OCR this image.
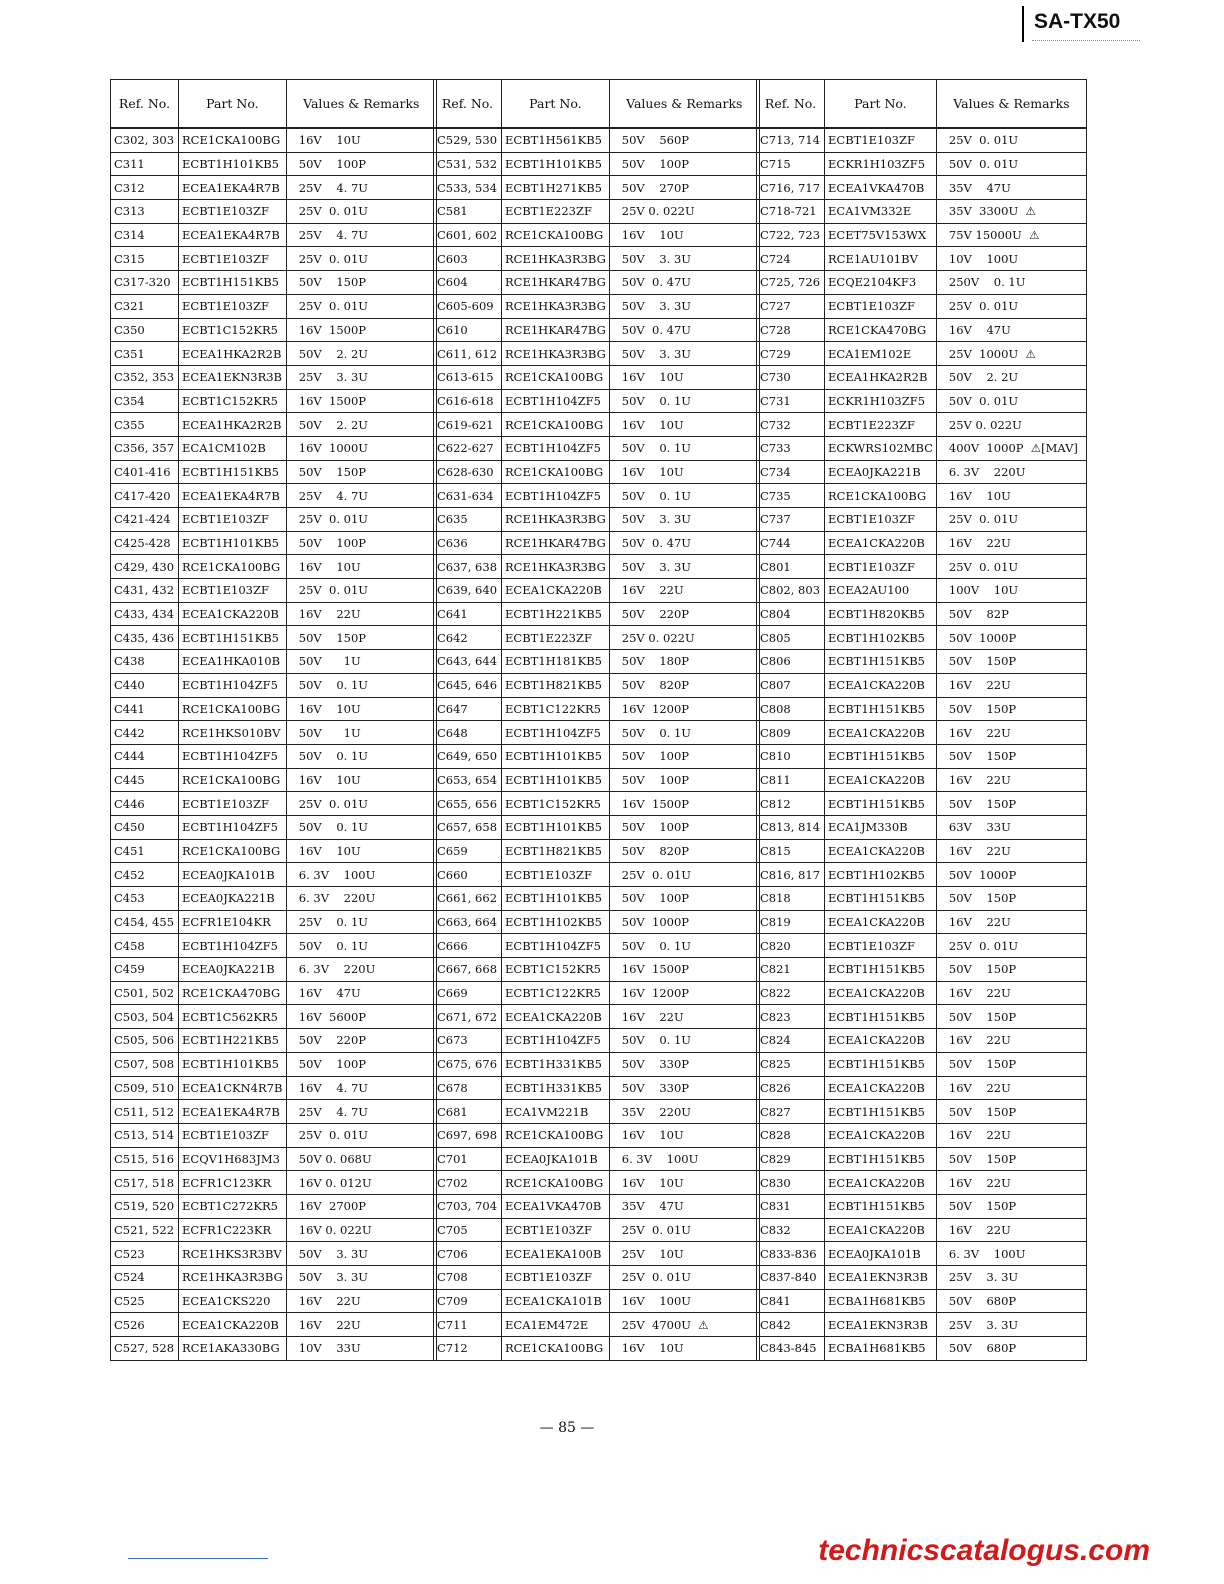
SA-TX50
Ref. No.	Part No.	Values & Remarks
C302, 303	RCE1CKA100BG	16V    10U
C311	ECBT1H101KB5	50V    100P
C312	ECEA1EKA4R7B	25V    4. 7U
C313	ECBT1E103ZF	25V  0. 01U
C314	ECEA1EKA4R7B	25V    4. 7U
C315	ECBT1E103ZF	25V  0. 01U
C317-320	ECBT1H151KB5	50V    150P
C321	ECBT1E103ZF	25V  0. 01U
C350	ECBT1C152KR5	16V  1500P
C351	ECEA1HKA2R2B	50V    2. 2U
C352, 353	ECEA1EKN3R3B	25V    3. 3U
C354	ECBT1C152KR5	16V  1500P
C355	ECEA1HKA2R2B	50V    2. 2U
C356, 357	ECA1CM102B	16V  1000U
C401-416	ECBT1H151KB5	50V    150P
C417-420	ECEA1EKA4R7B	25V    4. 7U
C421-424	ECBT1E103ZF	25V  0. 01U
C425-428	ECBT1H101KB5	50V    100P
C429, 430	RCE1CKA100BG	16V    10U
C431, 432	ECBT1E103ZF	25V  0. 01U
C433, 434	ECEA1CKA220B	16V    22U
C435, 436	ECBT1H151KB5	50V    150P
C438	ECEA1HKA010B	50V      1U
C440	ECBT1H104ZF5	50V    0. 1U
C441	RCE1CKA100BG	16V    10U
C442	RCE1HKS010BV	50V      1U
C444	ECBT1H104ZF5	50V    0. 1U
C445	RCE1CKA100BG	16V    10U
C446	ECBT1E103ZF	25V  0. 01U
C450	ECBT1H104ZF5	50V    0. 1U
C451	RCE1CKA100BG	16V    10U
C452	ECEA0JKA101B	6. 3V    100U
C453	ECEA0JKA221B	6. 3V    220U
C454, 455	ECFR1E104KR	25V    0. 1U
C458	ECBT1H104ZF5	50V    0. 1U
C459	ECEA0JKA221B	6. 3V    220U
C501, 502	RCE1CKA470BG	16V    47U
C503, 504	ECBT1C562KR5	16V  5600P
C505, 506	ECBT1H221KB5	50V    220P
C507, 508	ECBT1H101KB5	50V    100P
C509, 510	ECEA1CKN4R7B	16V    4. 7U
C511, 512	ECEA1EKA4R7B	25V    4. 7U
C513, 514	ECBT1E103ZF	25V  0. 01U
C515, 516	ECQV1H683JM3	50V 0. 068U
C517, 518	ECFR1C123KR	16V 0. 012U
C519, 520	ECBT1C272KR5	16V  2700P
C521, 522	ECFR1C223KR	16V 0. 022U
C523	RCE1HKS3R3BV	50V    3. 3U
C524	RCE1HKA3R3BG	50V    3. 3U
C525	ECEA1CKS220	16V    22U
C526	ECEA1CKA220B	16V    22U
C527, 528	RCE1AKA330BG	10V    33U
Ref. No.	Part No.	Values & Remarks
C529, 530	ECBT1H561KB5	50V    560P
C531, 532	ECBT1H101KB5	50V    100P
C533, 534	ECBT1H271KB5	50V    270P
C581	ECBT1E223ZF	25V 0. 022U
C601, 602	RCE1CKA100BG	16V    10U
C603	RCE1HKA3R3BG	50V    3. 3U
C604	RCE1HKAR47BG	50V  0. 47U
C605-609	RCE1HKA3R3BG	50V    3. 3U
C610	RCE1HKAR47BG	50V  0. 47U
C611, 612	RCE1HKA3R3BG	50V    3. 3U
C613-615	RCE1CKA100BG	16V    10U
C616-618	ECBT1H104ZF5	50V    0. 1U
C619-621	RCE1CKA100BG	16V    10U
C622-627	ECBT1H104ZF5	50V    0. 1U
C628-630	RCE1CKA100BG	16V    10U
C631-634	ECBT1H104ZF5	50V    0. 1U
C635	RCE1HKA3R3BG	50V    3. 3U
C636	RCE1HKAR47BG	50V  0. 47U
C637, 638	RCE1HKA3R3BG	50V    3. 3U
C639, 640	ECEA1CKA220B	16V    22U
C641	ECBT1H221KB5	50V    220P
C642	ECBT1E223ZF	25V 0. 022U
C643, 644	ECBT1H181KB5	50V    180P
C645, 646	ECBT1H821KB5	50V    820P
C647	ECBT1C122KR5	16V  1200P
C648	ECBT1H104ZF5	50V    0. 1U
C649, 650	ECBT1H101KB5	50V    100P
C653, 654	ECBT1H101KB5	50V    100P
C655, 656	ECBT1C152KR5	16V  1500P
C657, 658	ECBT1H101KB5	50V    100P
C659	ECBT1H821KB5	50V    820P
C660	ECBT1E103ZF	25V  0. 01U
C661, 662	ECBT1H101KB5	50V    100P
C663, 664	ECBT1H102KB5	50V  1000P
C666	ECBT1H104ZF5	50V    0. 1U
C667, 668	ECBT1C152KR5	16V  1500P
C669	ECBT1C122KR5	16V  1200P
C671, 672	ECEA1CKA220B	16V    22U
C673	ECBT1H104ZF5	50V    0. 1U
C675, 676	ECBT1H331KB5	50V    330P
C678	ECBT1H331KB5	50V    330P
C681	ECA1VM221B	35V    220U
C697, 698	RCE1CKA100BG	16V    10U
C701	ECEA0JKA101B	6. 3V    100U
C702	RCE1CKA100BG	16V    10U
C703, 704	ECEA1VKA470B	35V    47U
C705	ECBT1E103ZF	25V  0. 01U
C706	ECEA1EKA100B	25V    10U
C708	ECBT1E103ZF	25V  0. 01U
C709	ECEA1CKA101B	16V    100U
C711	ECA1EM472E	25V  4700U  ⚠
C712	RCE1CKA100BG	16V    10U
Ref. No.	Part No.	Values & Remarks
C713, 714	ECBT1E103ZF	25V  0. 01U
C715	ECKR1H103ZF5	50V  0. 01U
C716, 717	ECEA1VKA470B	35V    47U
C718-721	ECA1VM332E	35V  3300U  ⚠
C722, 723	ECET75V153WX	75V 15000U  ⚠
C724	RCE1AU101BV	10V    100U
C725, 726	ECQE2104KF3	250V    0. 1U
C727	ECBT1E103ZF	25V  0. 01U
C728	RCE1CKA470BG	16V    47U
C729	ECA1EM102E	25V  1000U  ⚠
C730	ECEA1HKA2R2B	50V    2. 2U
C731	ECKR1H103ZF5	50V  0. 01U
C732	ECBT1E223ZF	25V 0. 022U
C733	ECKWRS102MBC	400V  1000P  ⚠[MAV]
C734	ECEA0JKA221B	6. 3V    220U
C735	RCE1CKA100BG	16V    10U
C737	ECBT1E103ZF	25V  0. 01U
C744	ECEA1CKA220B	16V    22U
C801	ECBT1E103ZF	25V  0. 01U
C802, 803	ECEA2AU100	100V    10U
C804	ECBT1H820KB5	50V    82P
C805	ECBT1H102KB5	50V  1000P
C806	ECBT1H151KB5	50V    150P
C807	ECEA1CKA220B	16V    22U
C808	ECBT1H151KB5	50V    150P
C809	ECEA1CKA220B	16V    22U
C810	ECBT1H151KB5	50V    150P
C811	ECEA1CKA220B	16V    22U
C812	ECBT1H151KB5	50V    150P
C813, 814	ECA1JM330B	63V    33U
C815	ECEA1CKA220B	16V    22U
C816, 817	ECBT1H102KB5	50V  1000P
C818	ECBT1H151KB5	50V    150P
C819	ECEA1CKA220B	16V    22U
C820	ECBT1E103ZF	25V  0. 01U
C821	ECBT1H151KB5	50V    150P
C822	ECEA1CKA220B	16V    22U
C823	ECBT1H151KB5	50V    150P
C824	ECEA1CKA220B	16V    22U
C825	ECBT1H151KB5	50V    150P
C826	ECEA1CKA220B	16V    22U
C827	ECBT1H151KB5	50V    150P
C828	ECEA1CKA220B	16V    22U
C829	ECBT1H151KB5	50V    150P
C830	ECEA1CKA220B	16V    22U
C831	ECBT1H151KB5	50V    150P
C832	ECEA1CKA220B	16V    22U
C833-836	ECEA0JKA101B	6. 3V    100U
C837-840	ECEA1EKN3R3B	25V    3. 3U
C841	ECBA1H681KB5	50V    680P
C842	ECEA1EKN3R3B	25V    3. 3U
C843-845	ECBA1H681KB5	50V    680P
— 85 —
technicscatalogus.com
